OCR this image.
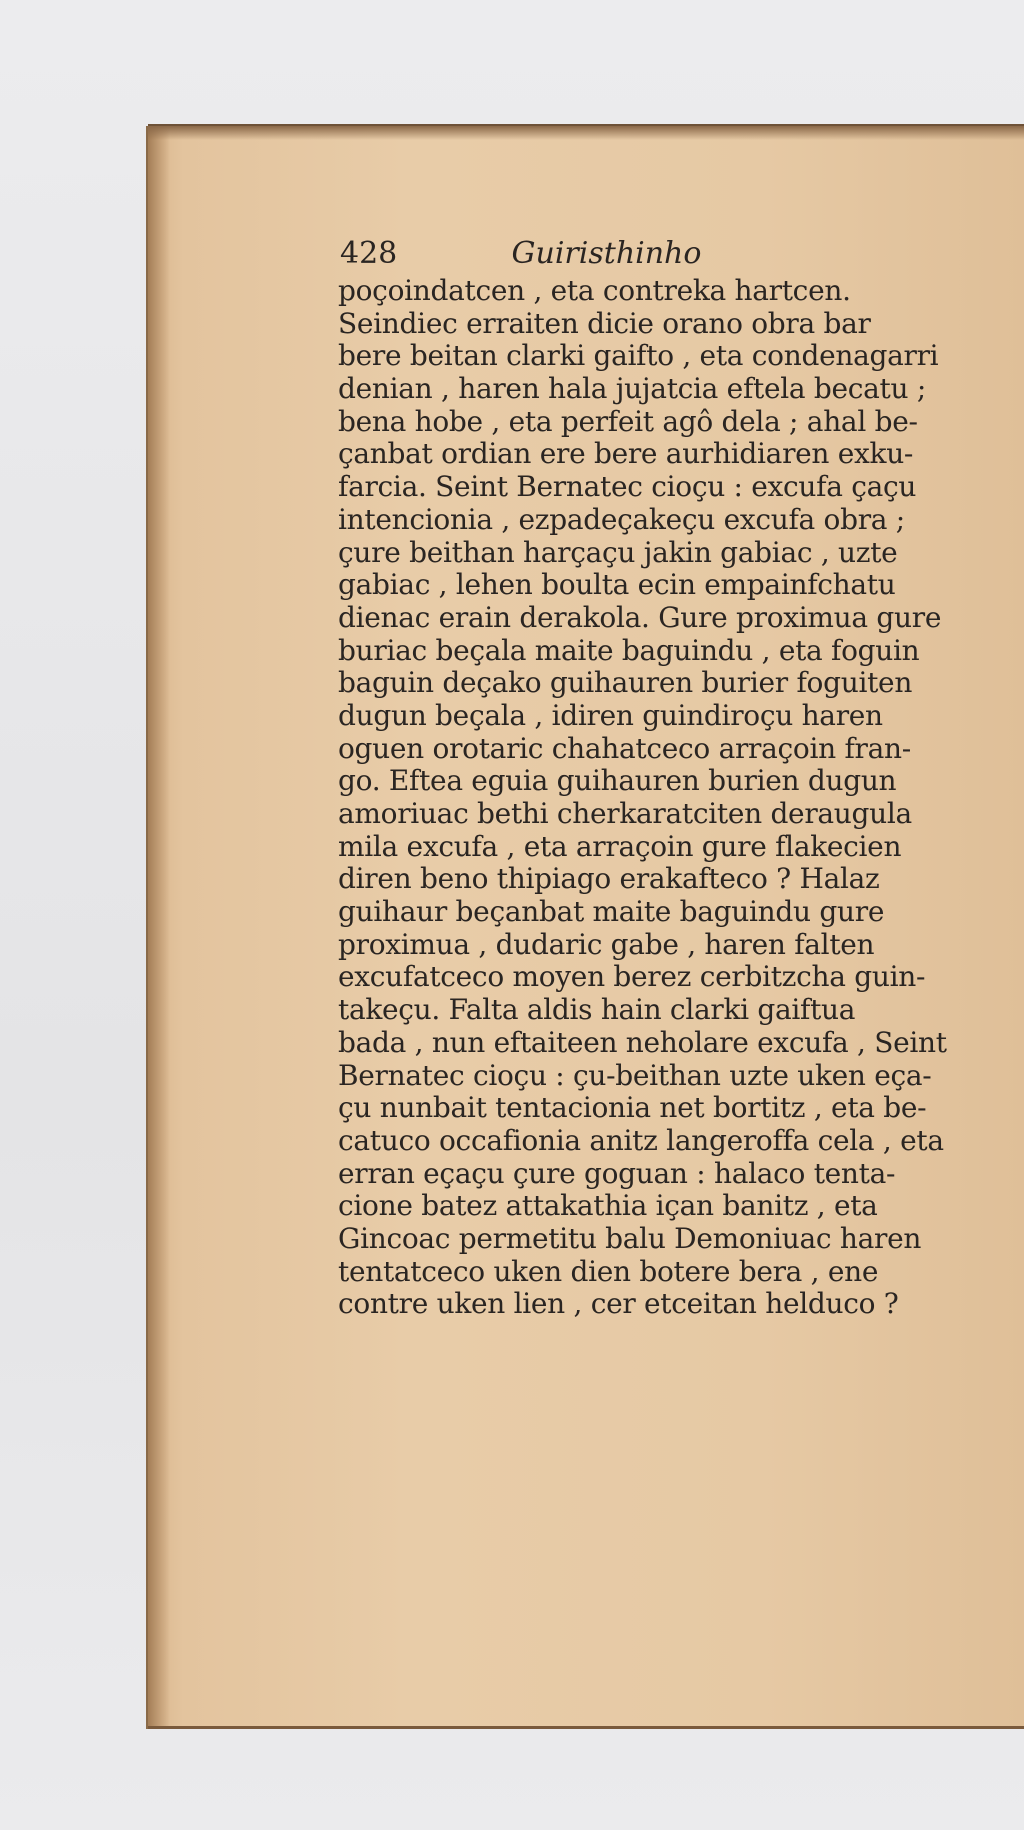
428	Guiristhinho
poçoindatcen , eta contreka hartcen.
Seindiec erraiten dicie orano obra bar
bere beitan clarki gaifto , eta condenagarri
denian , haren hala jujatcia eftela becatu ;
bena hobe , eta perfeit agô dela ; ahal be-
çanbat ordian ere bere aurhidiaren exku-
farcia. Seint Bernatec cioçu : excufa çaçu
intencionia , ezpadeçakeçu excufa obra ;
çure beithan harçaçu jakin gabiac , uzte
gabiac , lehen boulta ecin empainfchatu
dienac erain derakola. Gure proximua gure
buriac beçala maite baguindu , eta foguin
baguin deçako guihauren burier foguiten
dugun beçala , idiren guindiroçu haren
oguen orotaric chahatceco arraçoin fran-
go. Eftea eguia guihauren burien dugun
amoriuac bethi cherkaratciten deraugula
mila excufa , eta arraçoin gure flakecien
diren beno thipiago erakafteco ? Halaz
guihaur beçanbat maite baguindu gure
proximua , dudaric gabe , haren falten
excufatceco moyen berez cerbitzcha guin-
takeçu. Falta aldis hain clarki gaiftua
bada , nun eftaiteen neholare excufa , Seint
Bernatec cioçu : çu-beithan uzte uken eça-
çu nunbait tentacionia net bortitz , eta be-
catuco occafionia anitz langeroffa cela , eta
erran eçaçu çure goguan : halaco tenta-
cione batez attakathia içan banitz , eta
Gincoac permetitu balu Demoniuac haren
tentatceco uken dien botere bera , ene
contre uken lien , cer etceitan helduco ?
